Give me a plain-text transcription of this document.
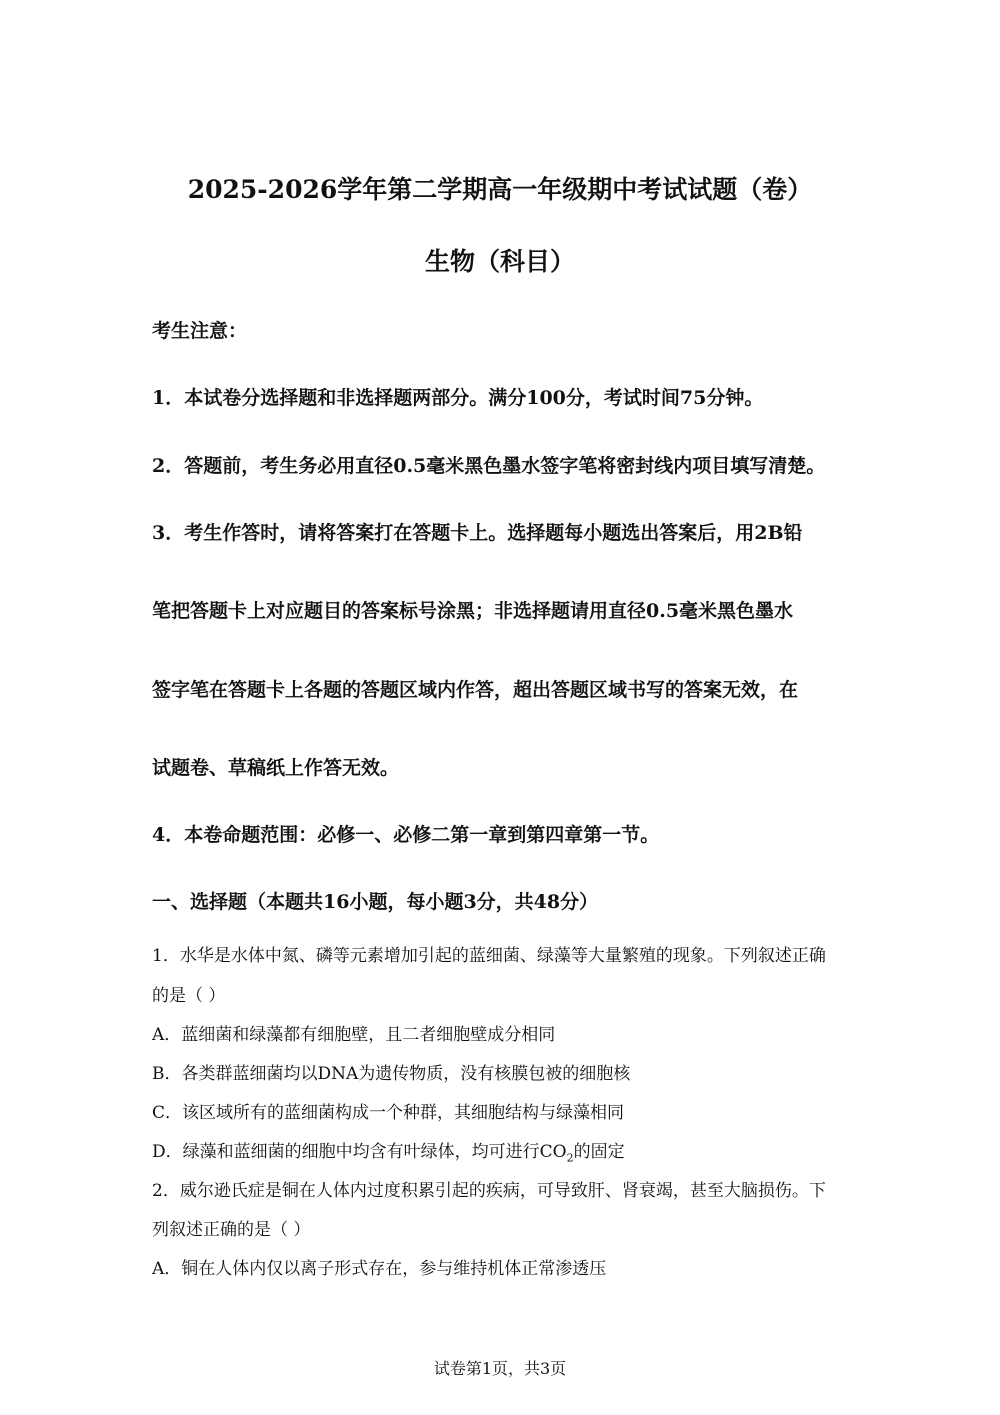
2025-2026学年第二学期高一年级期中考试试题（卷）
生物（科目）
考生注意：
1．本试卷分选择题和非选择题两部分。满分100分，考试时间75分钟。
2．答题前，考生务必用直径0.5毫米黑色墨水签字笔将密封线内项目填写清楚。
3．考生作答时，请将答案打在答题卡上。选择题每小题选出答案后，用2B铅
笔把答题卡上对应题目的答案标号涂黑；非选择题请用直径0.5毫米黑色墨水
签字笔在答题卡上各题的答题区域内作答，超出答题区域书写的答案无效，在
试题卷、草稿纸上作答无效。
4．本卷命题范围：必修一、必修二第一章到第四章第一节。
一、选择题（本题共16小题，每小题3分，共48分）
1．水华是水体中氮、磷等元素增加引起的蓝细菌、绿藻等大量繁殖的现象。下列叙述正确
的是（ ）
A．蓝细菌和绿藻都有细胞壁，且二者细胞壁成分相同
B．各类群蓝细菌均以DNA为遗传物质，没有核膜包被的细胞核
C．该区域所有的蓝细菌构成一个种群，其细胞结构与绿藻相同
D．绿藻和蓝细菌的细胞中均含有叶绿体，均可进行$CO_2$的固定
2．威尔逊氏症是铜在人体内过度积累引起的疾病，可导致肝、肾衰竭，甚至大脑损伤。下
列叙述正确的是（ ）
A．铜在人体内仅以离子形式存在，参与维持机体正常渗透压
试卷第1页，共3页
